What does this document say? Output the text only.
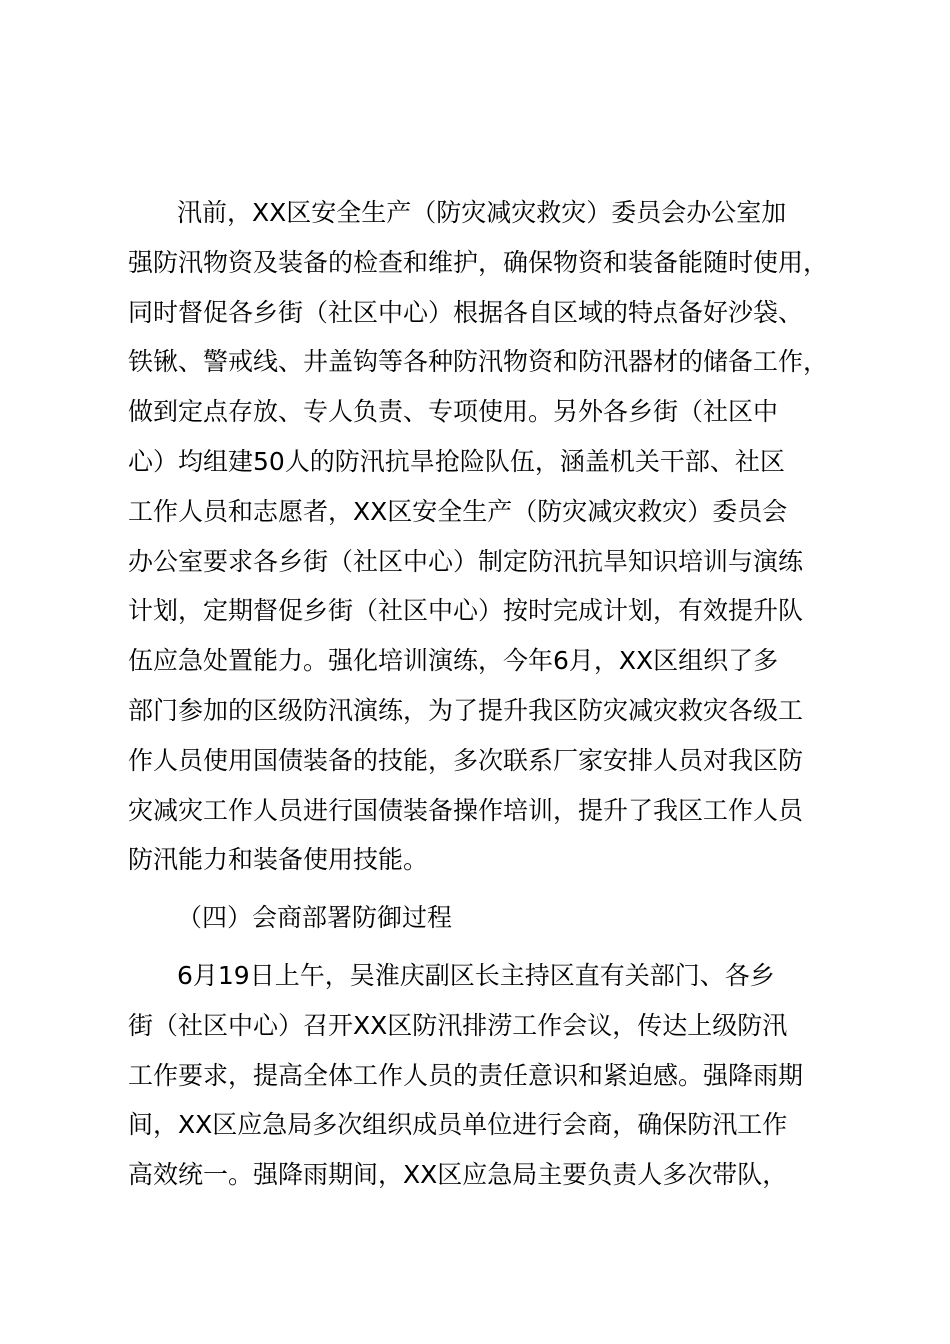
汛前，XX区安全生产（防灾减灾救灾）委员会办公室加
强防汛物资及装备的检查和维护，确保物资和装备能随时使用，
同时督促各乡街（社区中心）根据各自区域的特点备好沙袋、
铁锹、警戒线、井盖钩等各种防汛物资和防汛器材的储备工作，
做到定点存放、专人负责、专项使用。另外各乡街（社区中
心）均组建50人的防汛抗旱抢险队伍，涵盖机关干部、社区
工作人员和志愿者，XX区安全生产（防灾减灾救灾）委员会
办公室要求各乡街（社区中心）制定防汛抗旱知识培训与演练
计划，定期督促乡街（社区中心）按时完成计划，有效提升队
伍应急处置能力。强化培训演练，今年6月，XX区组织了多
部门参加的区级防汛演练，为了提升我区防灾减灾救灾各级工
作人员使用国债装备的技能，多次联系厂家安排人员对我区防
灾减灾工作人员进行国债装备操作培训，提升了我区工作人员
防汛能力和装备使用技能。
（四）会商部署防御过程
6月19日上午，吴淮庆副区长主持区直有关部门、各乡
街（社区中心）召开XX区防汛排涝工作会议，传达上级防汛
工作要求，提高全体工作人员的责任意识和紧迫感。强降雨期
间，XX区应急局多次组织成员单位进行会商，确保防汛工作
高效统一。强降雨期间，XX区应急局主要负责人多次带队，
